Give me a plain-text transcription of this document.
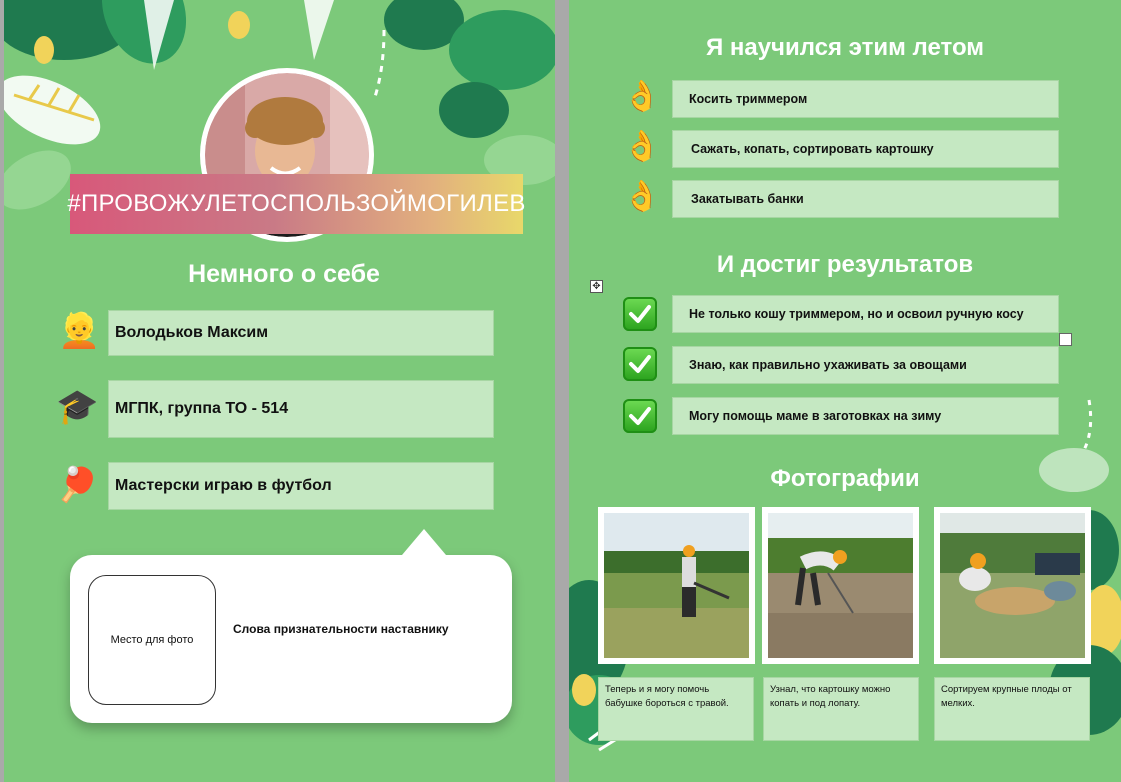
#ПРОВОЖУЛЕТОСПОЛЬЗОЙМОГИЛЕВ
Немного о себе
👱 Володьков Максим
🎓 МГПК, группа ТО - 514
🏓 Мастерски играю в футбол
Место для фото
Слова признательности наставнику
Я научился этим летом
👌 Косить триммером
👌 Сажать, копать, сортировать картошку
👌 Закатывать банки
И достиг результатов
✥
Не только кошу триммером, но и освоил ручную косу
Знаю, как правильно ухаживать за овощами
Могу помощь маме в заготовках на зиму
Фотографии
Теперь и я могу помочь бабушке бороться с травой.
Узнал, что картошку можно копать и под лопату.
Сортируем крупные плоды от мелких.
